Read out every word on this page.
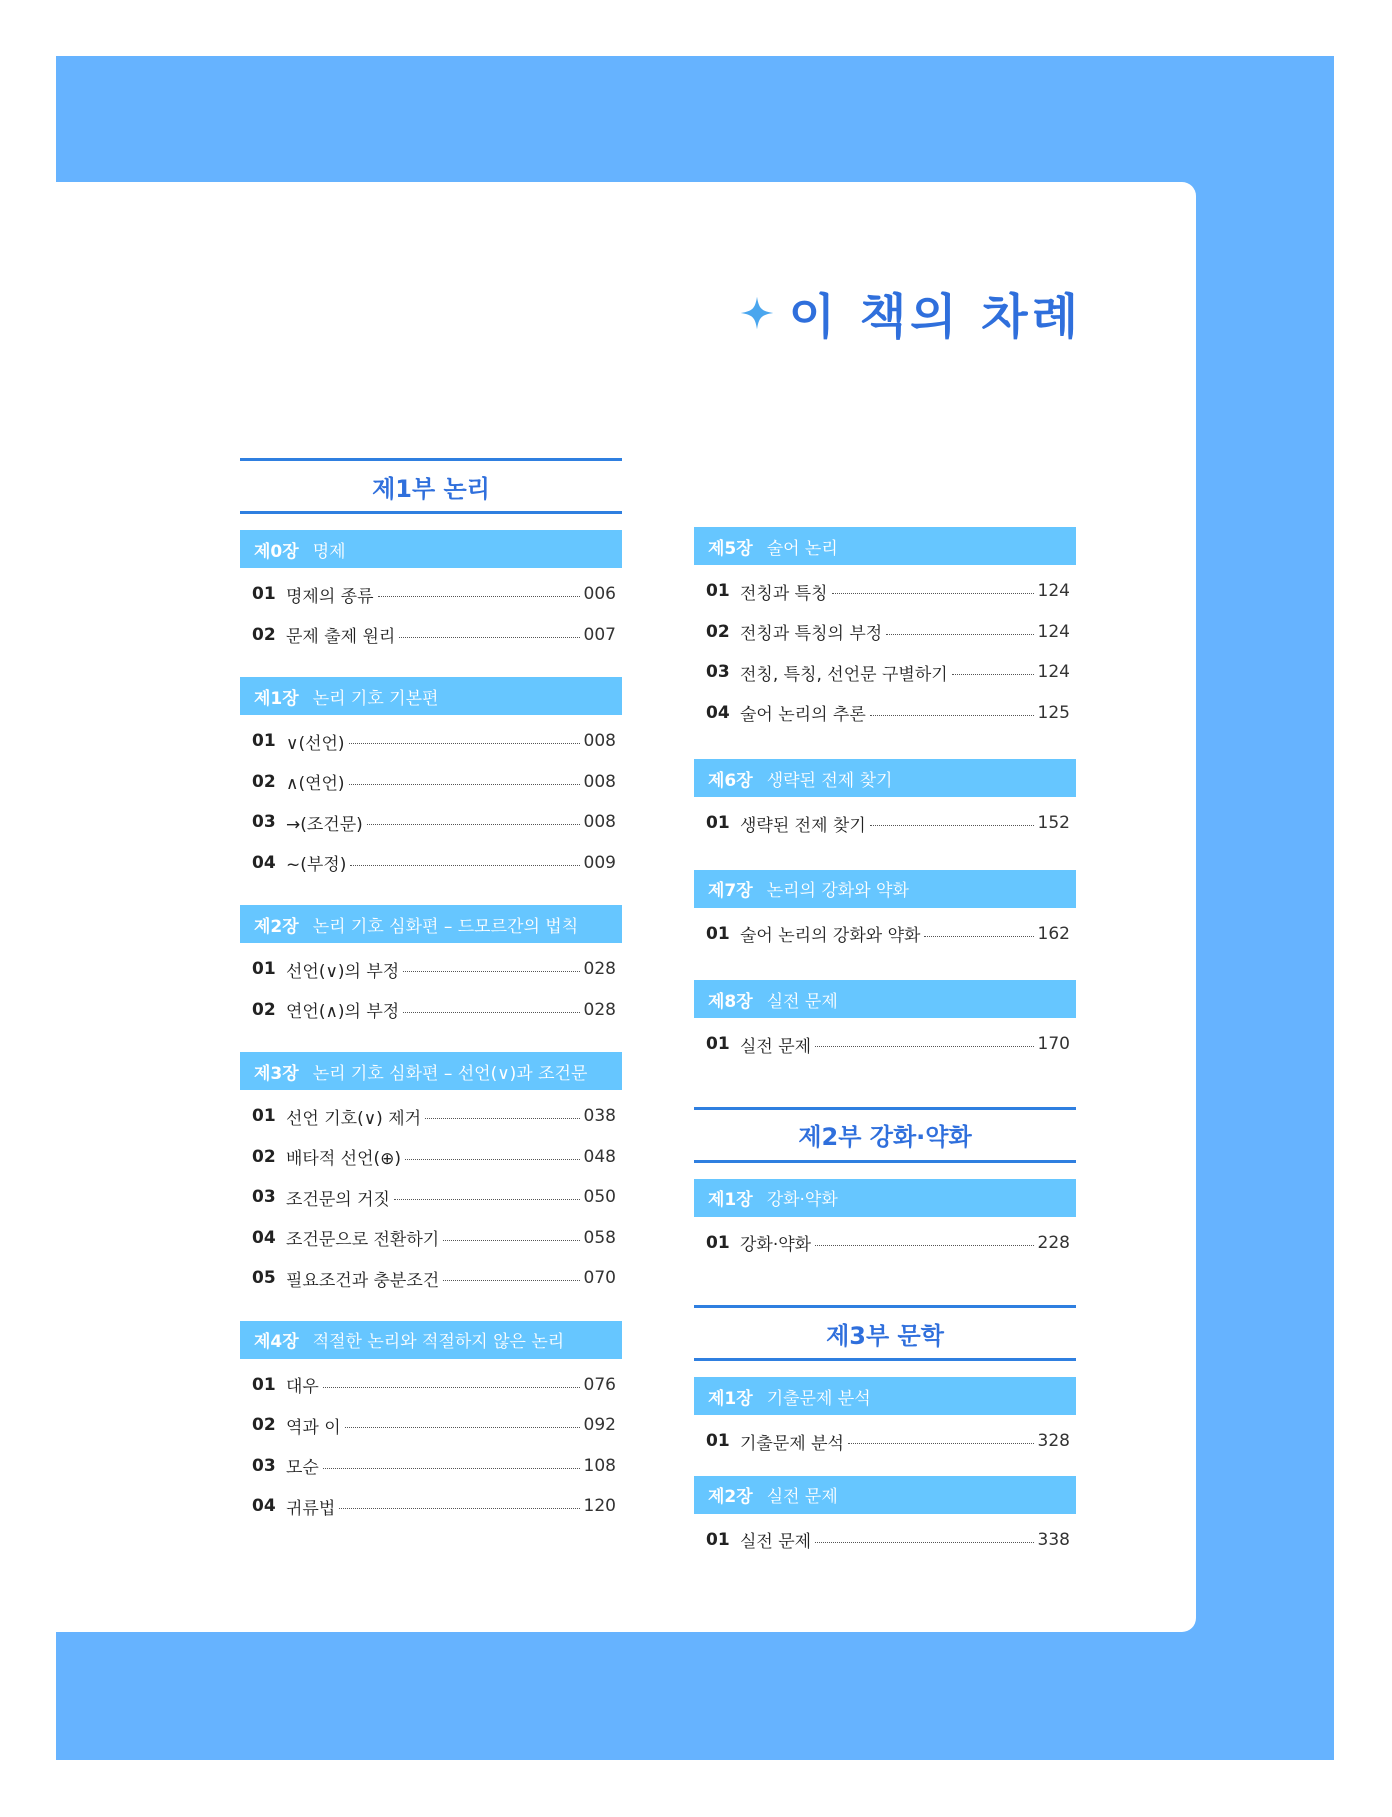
이 책의 차례
제1부 논리
제0장 명제
01 명제의 종류	006
02 문제 출제 원리	007
제1장 논리 기호 기본편
01 ∨(선언)	008
02 ∧(연언)	008
03 →(조건문)	008
04 ~(부정)	009
제2장 논리 기호 심화편 – 드모르간의 법칙
01 선언(∨)의 부정	028
02 연언(∧)의 부정	028
제3장 논리 기호 심화편 – 선언(∨)과 조건문
01 선언 기호(∨) 제거	038
02 배타적 선언(⊕)	048
03 조건문의 거짓	050
04 조건문으로 전환하기	058
05 필요조건과 충분조건	070
제4장 적절한 논리와 적절하지 않은 논리
01 대우	076
02 역과 이	092
03 모순	108
04 귀류법	120
제5장 술어 논리
01 전칭과 특칭	124
02 전칭과 특칭의 부정	124
03 전칭, 특칭, 선언문 구별하기	124
04 술어 논리의 추론	125
제6장 생략된 전제 찾기
01 생략된 전제 찾기	152
제7장 논리의 강화와 약화
01 술어 논리의 강화와 약화	162
제8장 실전 문제
01 실전 문제	170
제2부 강화·약화
제1장 강화·약화
01 강화·약화	228
제3부 문학
제1장 기출문제 분석
01 기출문제 분석	328
제2장 실전 문제
01 실전 문제	338
